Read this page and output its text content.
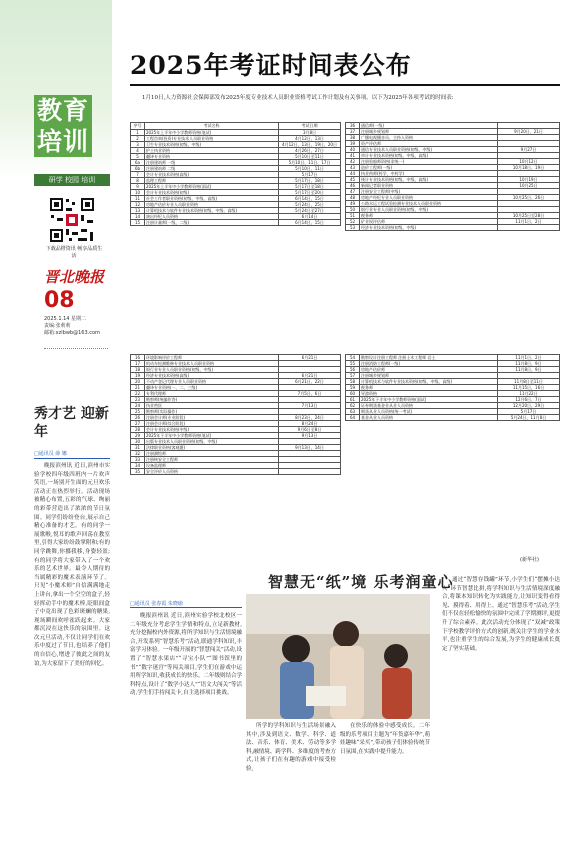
教育
培训
研学 校园 培训
下载品橙资讯 畅享品质生活
晋北晚报
08
2025.1.14 星期二
责编:张莉莉
邮箱:xzlbwb@163.com
秀才艺 迎新年
□通讯员 薛 娜
晚报滨州讯 近日,滨州市实验学校四年级四班内一片欢声笑语,一场别开生面的元旦欢乐活动正在热烈举行。活动现场被精心布置,五彩的气球、绚丽的彩带营造出了浓浓的节日氛围。同学们纷纷登台,展示自己精心准备的才艺。有的同学一展歌喉,悦耳的歌声回荡在教室里,引得大家纷纷鼓掌附和;有的同学跳舞,你挪我移,身姿轻盈;有的同学将大家带入了一个欢乐的艺术世界。最令人期待的当属精彩的魔术表演环节了。只见“小魔术师”自信满满地走上讲台,拿出一个空空的盒子,轻轻挥动手中的魔术棒,眨眼间盒子中竟出现了色彩斑斓的糖果,现场瞬间欢呼雀跃起来。大家都沉浸在这快乐的氛围里。这次元旦活动,不仅让同学们在欢乐中度过了节日,也培养了他们的自信心,增进了彼此之间的友谊,为大家留下了美好的回忆。
2025年考证时间表公布
1月10日,人力资源社会保障部发布2025年度专业技术人员职业资格考试工作计划及有关事项。以下为2025年各项考试的时间表:
序号	考试名称	考试日期
1	2025年上半年中小学教师资格(笔试)	3月8日
2	工程咨询(投资)专业技术人员职业资格	4月12日、13日
3	卫生专业技术资格(初级、中级)	4月12日、13日、19日、20日
4	护士执业资格	4月26日、27日
5	翻译专业资格	5月10日至11日
6a	注册建筑师 一级	5月10日、11日、17日
6b	注册建筑师 二级	5月10日、11日
7	会计专业技术资格(高级)	5月17日
8	监理工程师	5月17日、18日
9	2025年上半年中小学教师资格(面试)	5月17日至18日
10	会计专业技术资格(初级)	5月17日至20日
11	社会工作者职业资格(初级、中级、高级)	6月14日、15日
12	房地产估价专业人员职业资格	5月24日、25日
13	计算机技术与软件专业技术资格(初级、中级、高级)	5月24日至27日
14	演出经纪人员资格	6月14日
15	注册计量师(一级、二级)	6月14日、15日
36	通信师(一级)	
37	注册城乡规划师	9月20日、21日
38	广播电视播音员、主持人资格	
39	资产评估师	
40	通信专业技术人员职业资格(初级、中级)	9月27日
41	审计专业技术资格(初级、中级、高级)	
42	注册验船师资格(非统一)	10月12日
43	造价工程师(一级)	10月18日、19日
44	执业药师(药学、中药学)	
45	统计专业技术资格(初级、中级、高级)	10月19日
46	新闻记者职业资格	10月25日
47	注册安全工程师(中级)	
48	房地产经纪专业人员职业资格	10月25日、26日
49	公路水运工程试验检测专业技术人员职业资格	
50	银行业专业人员职业资格(初级、中级)	
51	税务师	10月25日至28日
52	矿业权评估师	11月1日、2日
53	经济专业技术资格(初级、中级)	
16	环境影响评价工程师	6月21日
17	机动车检测维修专业技术人员职业资格	
18	银行业专业人员职业资格(初级、中级)	
19	经济专业技术资格(高级)	6月21日
20	不动产登记代理专业人员职业资格	6月21日、22日
21	翻译专业资格(一、二、三级)	
22	专利代理师	7月5日、6日
23	勘察师(统编作答)	
24	执业兽医	7月13日
25	勘察师(实际操作)	
26	注册会计师(专业阶段)	8月23日、24日
27	注册会计师(综合阶段)	8月24日
28	会计专业技术资格(中级)	9月6日至8日
29	2025年下半年中小学教师资格(笔试)	9月13日
30	出版专业技术人员职业资格(初级、中级)	
31	法律职业资格(客观题)	9月13日、14日
32	注册测绘师	
33	注册核安全工程师	
34	设备监理师	
35	安全评价人员资格	
54	勘察设计注册工程师 注册土木工程师 岩土	11月1日、2日
55	注册消防工程师(一级)	11月8日、9日
56	房地产估价师	11月8日、9日
57	注册城乡规划师	
58	计算机技术与软件专业技术资格(初级、中级、高级)	11月8日至11日
59	税务师	11月15日、16日
60	导游资格	11月22日
61	2025年下半年中小学教师资格(面试)	12月6日、7日
62	证券期货基金业从业人员资格	12月20日、29日
63	期货从业人员资格(统一考试)	5月17日
64	基金从业人员资格	5月24日、11月8日
(新华社)
智慧无“纸”境 乐考润童心
□通讯员 张春霞 朱晓瑜
晚报滨州讯 近日,滨州实验学校北校区一二年级充分考虑学生学情和特点,立足新教材,充分挖掘校内外资源,将所学知识与生活情境融合,开发系列“智慧乐考”活动,联通学科知识,丰富学习体验。一年级开展的“智慧闯关”活动,设置了“智慧水果店”“寻宝小队”“图书馆里的书”“数字迷宫”等闯关项目,学生们在游戏中运用所学知识,收获成长的快乐。二年级则结合学科特点,设计了“数学小达人”“语文大闯关”等活动,学生们手持闯关卡,自主选择项目挑战。
所学的学科知识与生活场景融入其中,涉及到语文、数学、科学、道法、音乐、体育、美术、劳动等多学科,融情境、跨学科、多维度的考查方式,让孩子们在有趣的游戏中接受检验,
在快乐的体验中感受成长。二年级的乐考项目主题为“年货嘉年华”,萌娃趣味“采买”,带动孩子们体验传统节日氛围,在实践中提升能力。
通过“智慧存钱罐”环节,小学生们“摆摊小达人”环节智慧比拼,将学科知识与生活情境深度融合,将课本知识转化为实践能力,让知识变得看得见、摸得着、用得上。通过“智慧乐考”活动,学生们不仅在轻松愉快的氛围中完成了学期测评,更提升了综合素养。此次活动充分体现了“双减”政策下学校教学评价方式的创新,既关注学生的学业水平,也注重学生的综合发展,为学生的健康成长奠定了坚实基础。
